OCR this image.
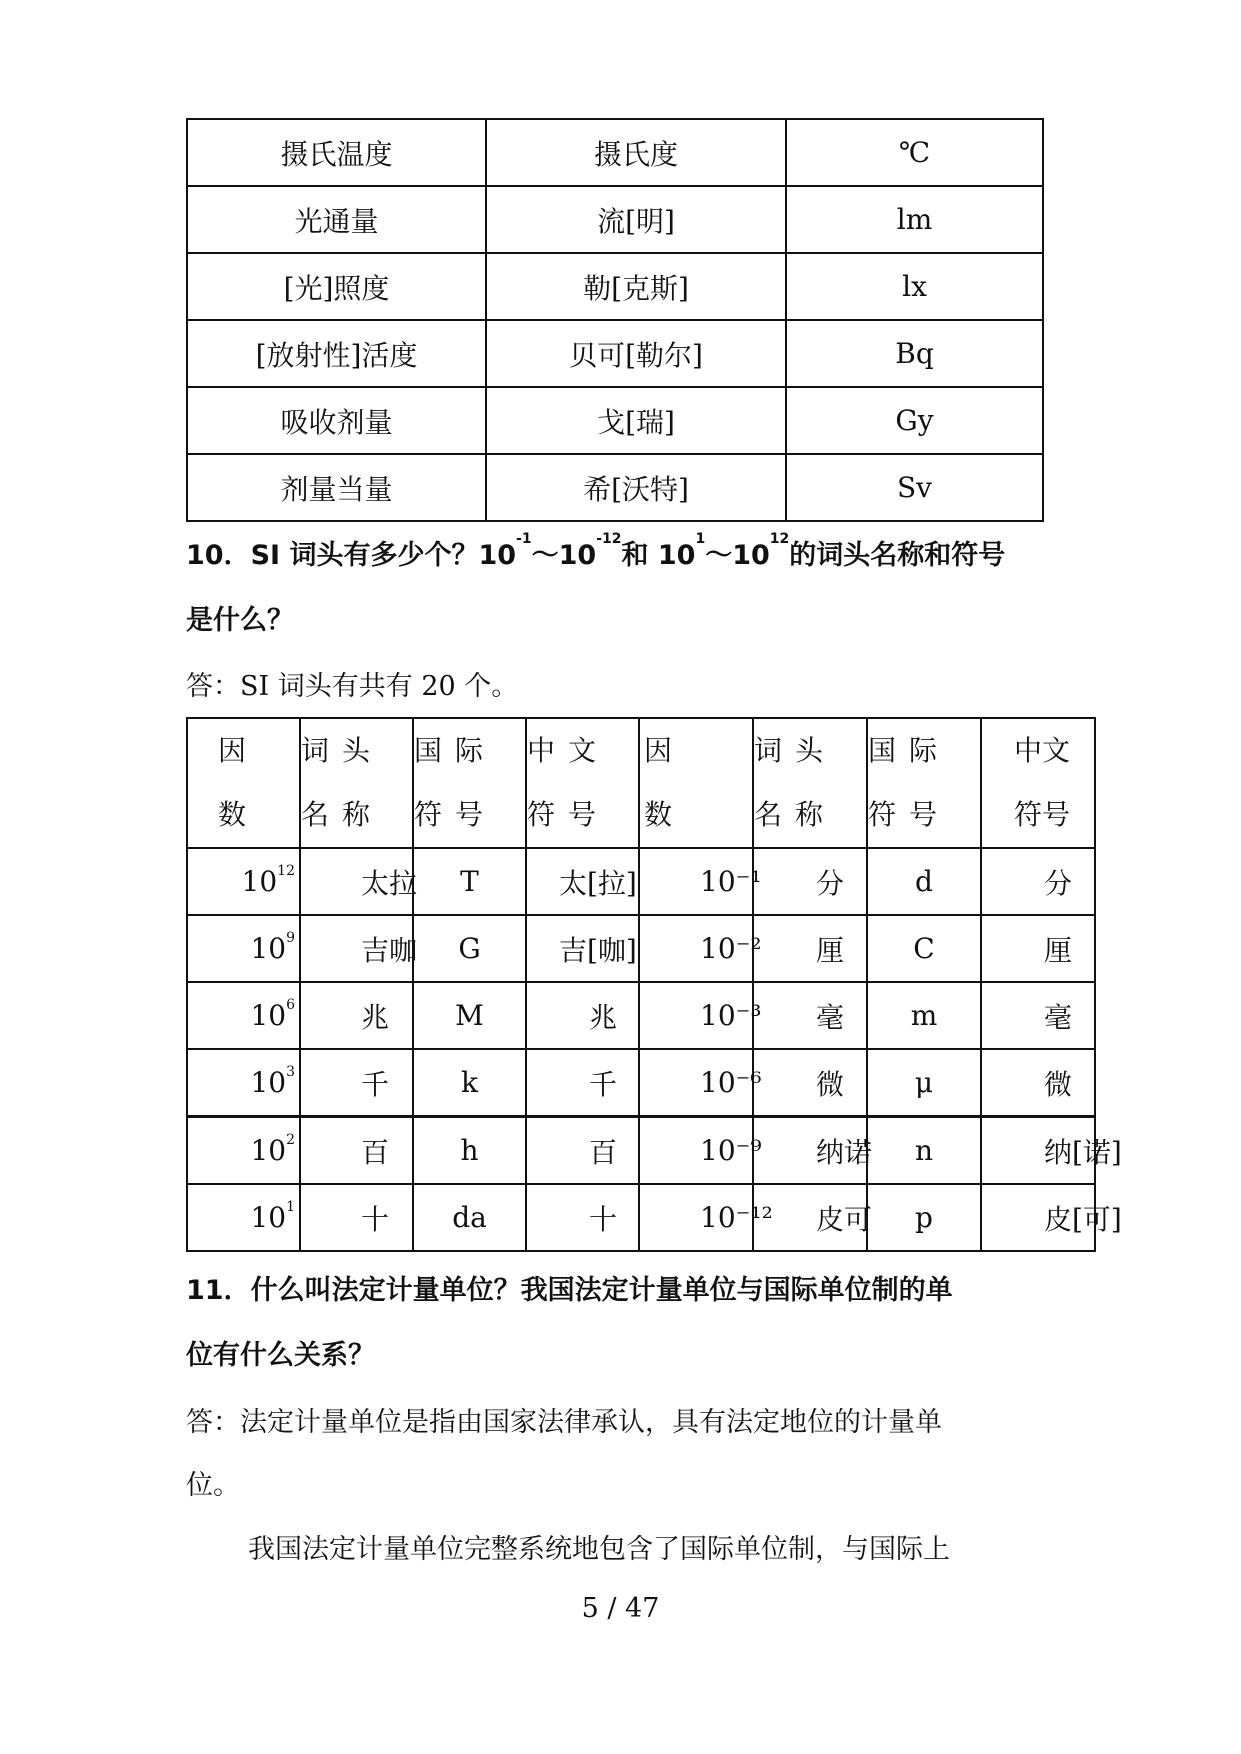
摄氏温度	摄氏度	℃
光通量	流[明]	lm
[光]照度	勒[克斯]	lx
[放射性]活度	贝可[勒尔]	Bq
吸收剂量	戈[瑞]	Gy
剂量当量	希[沃特]	Sv

10．SI 词头有多少个？$10^{-1}\sim 10^{-12}$和 $10^1\sim 10^{12}$的词头名称和符号

是什么？

答：SI 词头有共有 20 个。

因 数	词头名称	国际符号	中文符号	因 数	词头名称	国际符号	中文符号
$10^{12}$	太拉	T	太[拉]	10⁻¹	分	d	分
$10^9$	吉咖	G	吉[咖]	10⁻²	厘	C	厘
$10^6$	兆	M	兆	10⁻³	毫	m	毫
$10^3$	千	k	千	10⁻⁶	微	μ	微
$10^2$	百	h	百	10⁻⁹	纳诺	n	纳[诺]
$10^1$	十	da	十	10⁻¹²	皮可	p	皮[可]

11．什么叫法定计量单位？我国法定计量单位与国际单位制的单

位有什么关系？

答：法定计量单位是指由国家法律承认，具有法定地位的计量单

位。

我国法定计量单位完整系统地包含了国际单位制，与国际上

5 / 47
